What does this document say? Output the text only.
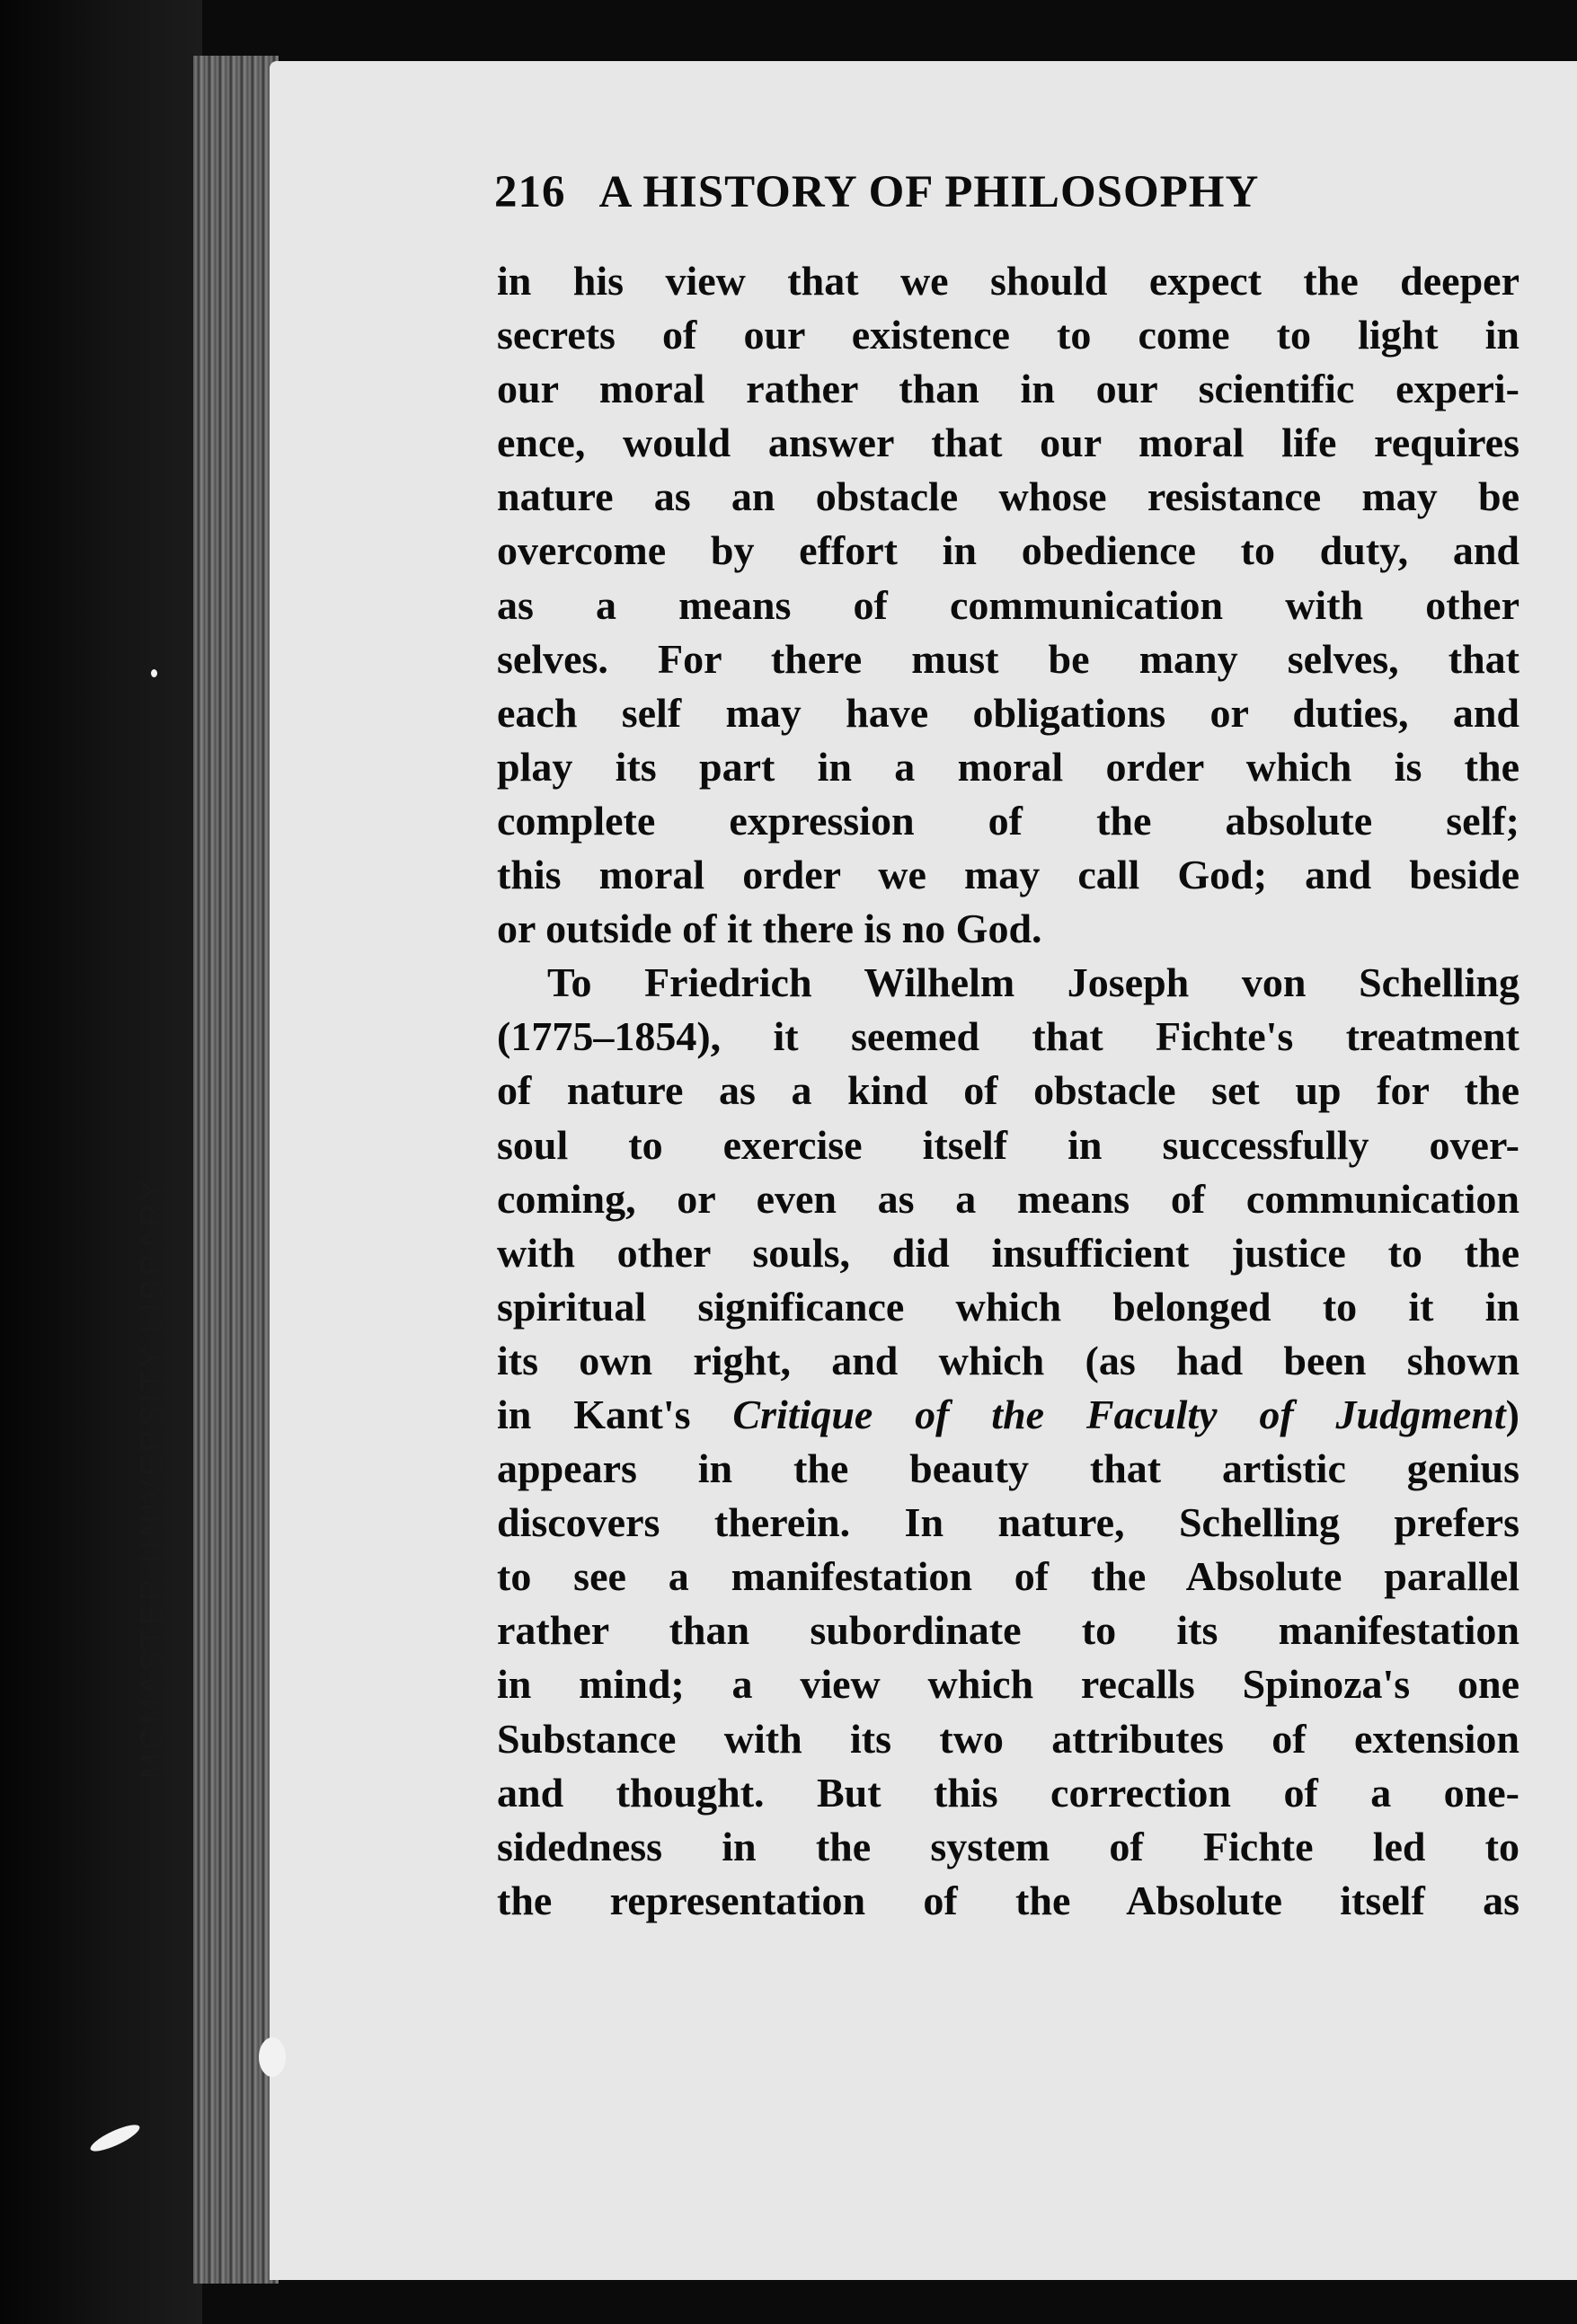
MCMASTER UNIVERSITY LIBRARY
216 A HISTORY OF PHILOSOPHY
in his view that we should expect the deeper
secrets of our existence to come to light in
our moral rather than in our scientific experi-
ence, would answer that our moral life requires
nature as an obstacle whose resistance may be
overcome by effort in obedience to duty, and
as a means of communication with other
selves. For there must be many selves, that
each self may have obligations or duties, and
play its part in a moral order which is the
complete expression of the absolute self;
this moral order we may call God; and beside
or outside of it there is no God.
To Friedrich Wilhelm Joseph von Schelling
(1775–1854), it seemed that Fichte's treatment
of nature as a kind of obstacle set up for the
soul to exercise itself in successfully over-
coming, or even as a means of communication
with other souls, did insufficient justice to the
spiritual significance which belonged to it in
its own right, and which (as had been shown
in Kant's Critique of the Faculty of Judgment)
appears in the beauty that artistic genius
discovers therein. In nature, Schelling prefers
to see a manifestation of the Absolute parallel
rather than subordinate to its manifestation
in mind; a view which recalls Spinoza's one
Substance with its two attributes of extension
and thought. But this correction of a one-
sidedness in the system of Fichte led to
the representation of the Absolute itself as
